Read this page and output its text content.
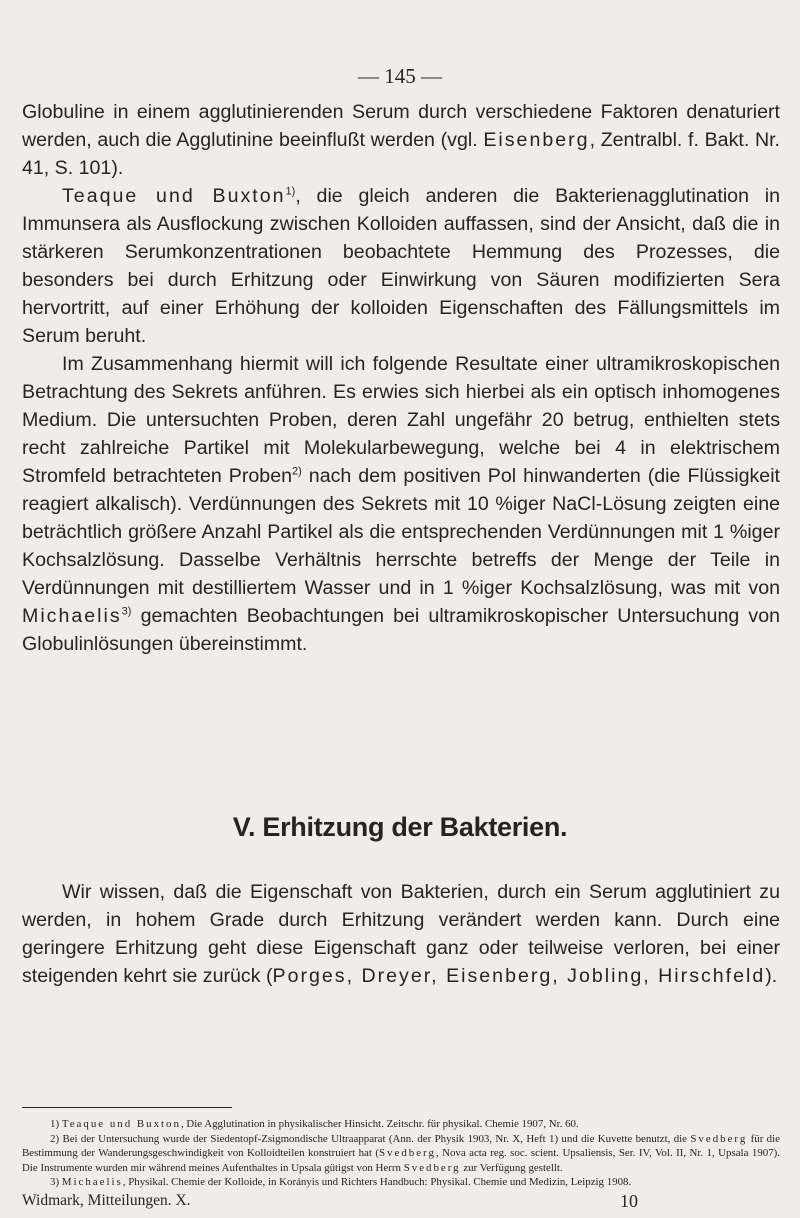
— 145 —

Globuline in einem agglutinierenden Serum durch verschiedene Faktoren denaturiert werden, auch die Agglutinine beeinflußt werden (vgl. Eisenberg, Zentralbl. f. Bakt. Nr. 41, S. 101).

Teaque und Buxton$^{1)}$, die gleich anderen die Bakterienagglutination in Immunsera als Ausflockung zwischen Kolloiden auffassen, sind der Ansicht, daß die in stärkeren Serumkonzentrationen beobachtete Hemmung des Prozesses, die besonders bei durch Erhitzung oder Einwirkung von Säuren modifizierten Sera hervortritt, auf einer Erhöhung der kolloiden Eigenschaften des Fällungsmittels im Serum beruht.

Im Zusammenhang hiermit will ich folgende Resultate einer ultramikroskopischen Betrachtung des Sekrets anführen. Es erwies sich hierbei als ein optisch inhomogenes Medium. Die untersuchten Proben, deren Zahl ungefähr 20 betrug, enthielten stets recht zahlreiche Partikel mit Molekularbewegung, welche bei 4 in elektrischem Stromfeld betrachteten Proben$^{2)}$ nach dem positiven Pol hinwanderten (die Flüssigkeit reagiert alkalisch). Verdünnungen des Sekrets mit 10 %iger NaCl-Lösung zeigten eine beträchtlich größere Anzahl Partikel als die entsprechenden Verdünnungen mit 1 %iger Kochsalzlösung. Dasselbe Verhältnis herrschte betreffs der Menge der Teile in Verdünnungen mit destilliertem Wasser und in 1 %iger Kochsalzlösung, was mit von Michaelis$^{3)}$ gemachten Beobachtungen bei ultramikroskopischer Untersuchung von Globulinlösungen übereinstimmt.

V. Erhitzung der Bakterien.

Wir wissen, daß die Eigenschaft von Bakterien, durch ein Serum agglutiniert zu werden, in hohem Grade durch Erhitzung verändert werden kann. Durch eine geringere Erhitzung geht diese Eigenschaft ganz oder teilweise verloren, bei einer steigenden kehrt sie zurück (Porges, Dreyer, Eisenberg, Jobling, Hirschfeld).

1) Teaque und Buxton, Die Agglutination in physikalischer Hinsicht. Zeitschr. für physikal. Chemie 1907, Nr. 60.

2) Bei der Untersuchung wurde der Siedentopf-Zsigmondische Ultraapparat (Ann. der Physik 1903, Nr. X, Heft 1) und die Kuvette benutzt, die Svedberg für die Bestimmung der Wanderungsgeschwindigkeit von Kolloidteilen konstruiert hat (Svedberg, Nova acta reg. soc. scient. Upsaliensis, Ser. IV, Vol. II, Nr. 1, Upsala 1907). Die Instrumente wurden mir während meines Aufenthaltes in Upsala gütigst von Herrn Svedberg zur Verfügung gestellt.

3) Michaelis, Physikal. Chemie der Kolloide, in Korányis und Richters Handbuch: Physikal. Chemie und Medizin, Leipzig 1908.

Widmark, Mitteilungen. X.	10
